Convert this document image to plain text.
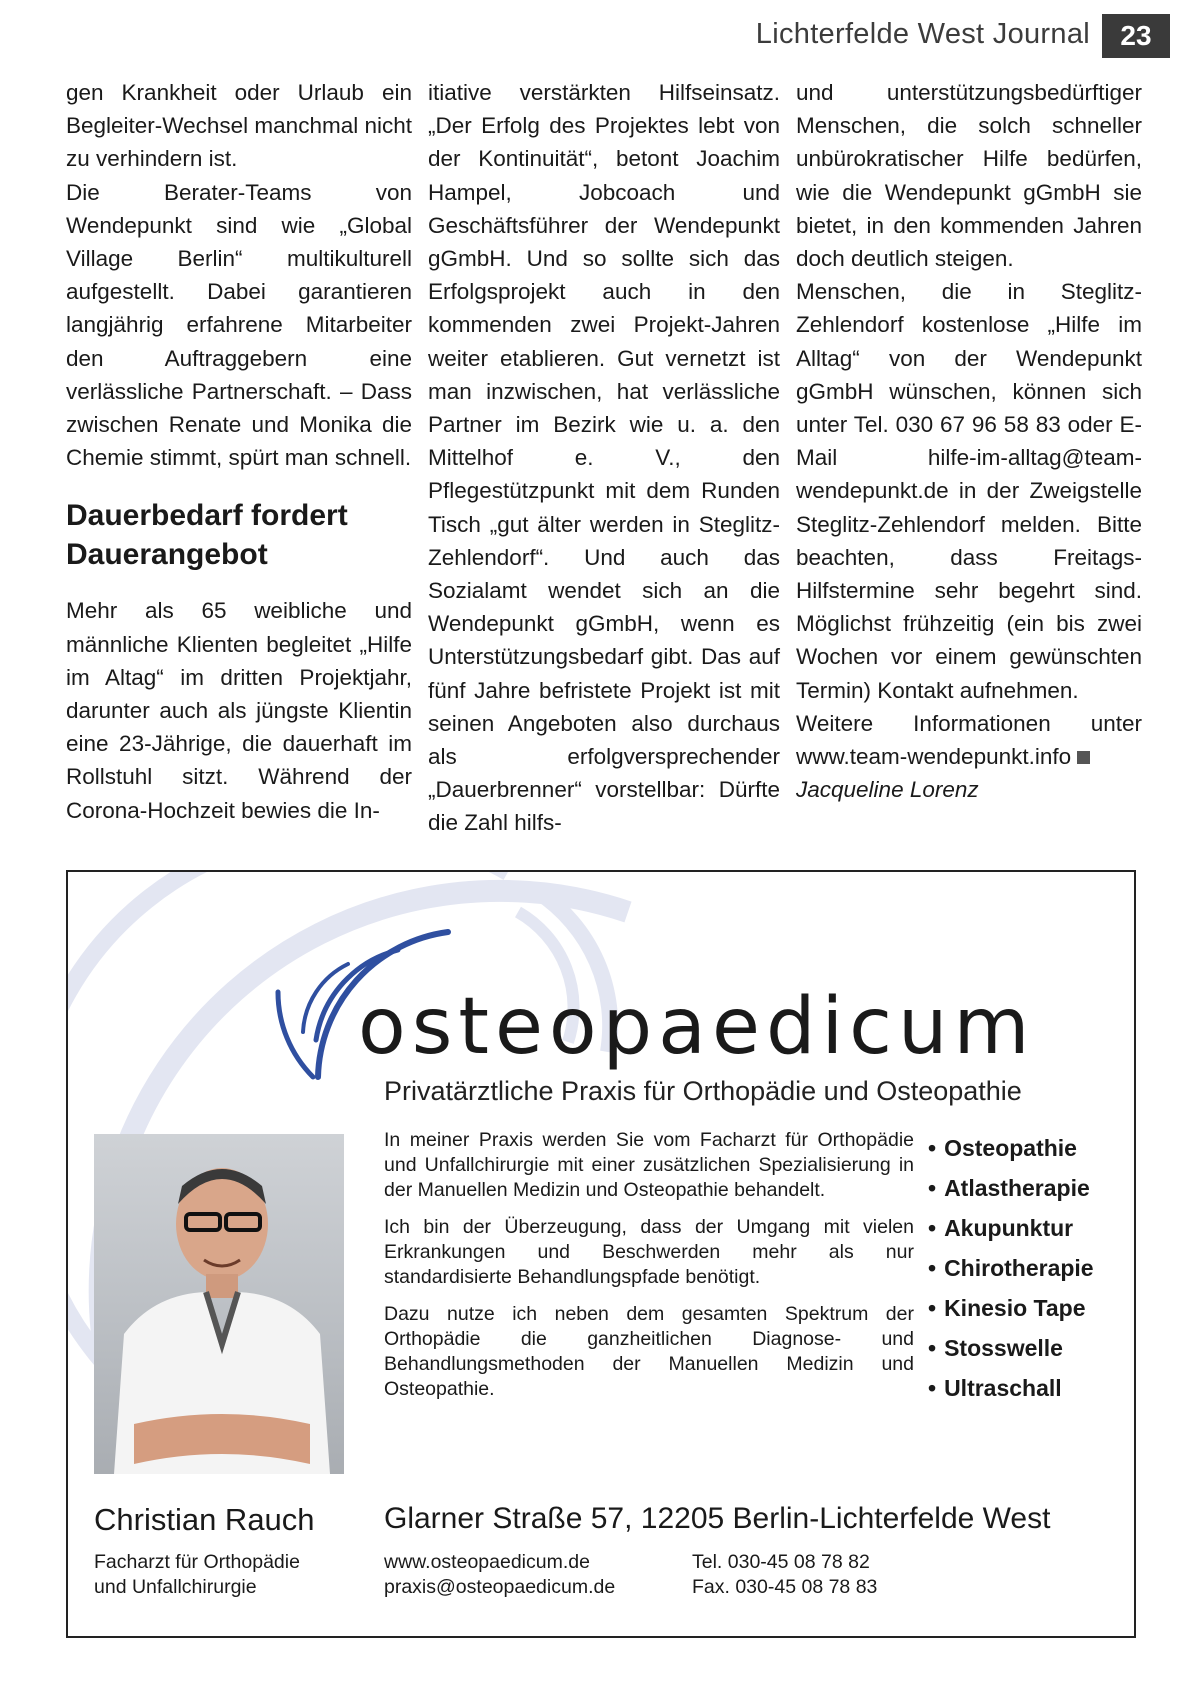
Lichterfelde West Journal	23

gen Krankheit oder Urlaub ein Begleiter-Wechsel manchmal nicht zu verhindern ist.

Die Berater-Teams von Wendepunkt sind wie „Global Village Berlin“ multikulturell aufgestellt. Dabei garantieren langjährig erfahrene Mitarbeiter den Auftraggebern eine verlässliche Partnerschaft. – Dass zwischen Renate und Monika die Chemie stimmt, spürt man schnell.

Dauerbedarf fordert Dauerangebot

Mehr als 65 weibliche und männliche Klienten begleitet „Hilfe im Altag“ im dritten Projektjahr, darunter auch als jüngste Klientin eine 23-Jährige, die dauerhaft im Rollstuhl sitzt. Während der Corona-Hochzeit bewies die In-

itiative verstärkten Hilfseinsatz. „Der Erfolg des Projektes lebt von der Kontinuität“, betont Joachim Hampel, Jobcoach und Geschäftsführer der Wendepunkt gGmbH. Und so sollte sich das Erfolgsprojekt auch in den kommenden zwei Projekt-Jahren weiter etablieren. Gut vernetzt ist man inzwischen, hat verlässliche Partner im Bezirk wie u. a. den Mittelhof e. V., den Pflegestützpunkt mit dem Runden Tisch „gut älter werden in Steglitz-Zehlendorf“. Und auch das Sozialamt wendet sich an die Wendepunkt gGmbH, wenn es Unterstützungsbedarf gibt. Das auf fünf Jahre befristete Projekt ist mit seinen Angeboten also durchaus als erfolgversprechender „Dauerbrenner“ vorstellbar: Dürfte die Zahl hilfs-

und unterstützungsbedürftiger Menschen, die solch schneller unbürokratischer Hilfe bedürfen, wie die Wendepunkt gGmbH sie bietet, in den kommenden Jahren doch deutlich steigen.

Menschen, die in Steglitz-Zehlendorf kostenlose „Hilfe im Alltag“ von der Wendepunkt gGmbH wünschen, können sich unter Tel. 030 67 96 58 83 oder E-Mail hilfe-im-alltag@team-wendepunkt.de in der Zweigstelle Steglitz-Zehlendorf melden. Bitte beachten, dass Freitags-Hilfstermine sehr begehrt sind. Möglichst frühzeitig (ein bis zwei Wochen vor einem gewünschten Termin) Kontakt aufnehmen.

Weitere Informationen unter www.team-wendepunkt.info

Jacqueline Lorenz

osteopaedicum
Privatärztliche Praxis für Orthopädie und Osteopathie

In meiner Praxis werden Sie vom Facharzt für Orthopädie und Unfallchirurgie mit einer zusätzlichen Spezialisierung in der Manuellen Medizin und Osteopathie behandelt.

Ich bin der Überzeugung, dass der Umgang mit vielen Erkrankungen und Beschwerden mehr als nur standardisierte Behandlungspfade benötigt.

Dazu nutze ich neben dem gesamten Spektrum der Orthopädie die ganzheitlichen Diagnose- und Behandlungsmethoden der Manuellen Medizin und Osteopathie.

• Osteopathie
• Atlastherapie
• Akupunktur
• Chirotherapie
• Kinesio Tape
• Stosswelle
• Ultraschall
Christian Rauch
Facharzt für Orthopädie
und Unfallchirurgie
Glarner Straße 57, 12205 Berlin-Lichterfelde West
www.osteopaedicum.de
praxis@osteopaedicum.de
Tel. 030-45 08 78 82
Fax. 030-45 08 78 83
